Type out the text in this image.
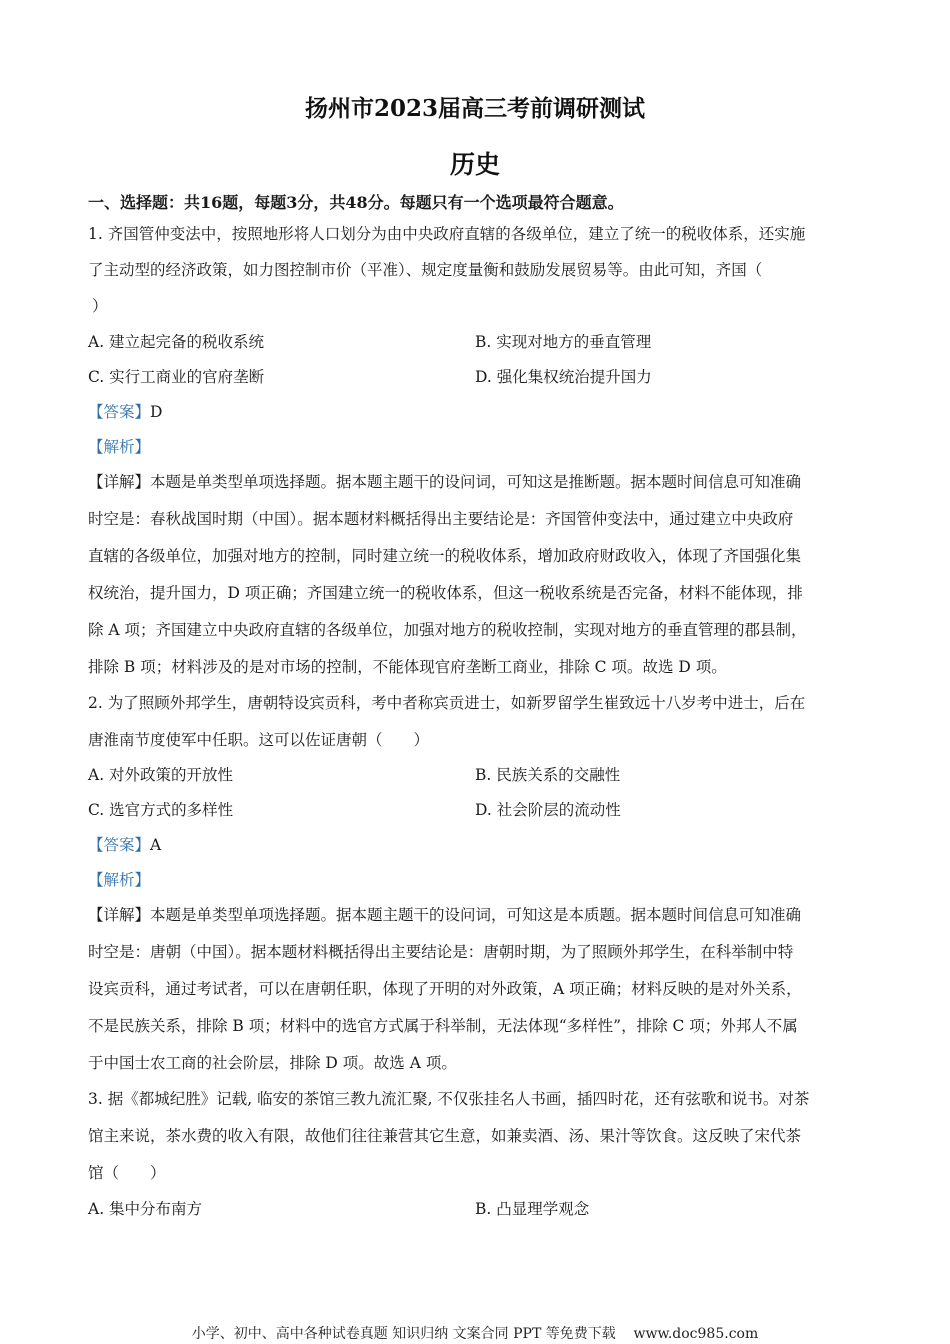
扬州市2023届高三考前调研测试
历史
一、选择题：共16题，每题3分，共48分。每题只有一个选项最符合题意。
1. 齐国管仲变法中，按照地形将人口划分为由中央政府直辖的各级单位，建立了统一的税收体系，还实施
了主动型的经济政策，如力图控制市价（平准）、规定度量衡和鼓励发展贸易等。由此可知，齐国（
）
A. 建立起完备的税收系统	B. 实现对地方的垂直管理
C. 实行工商业的官府垄断	D. 强化集权统治提升国力
【答案】D
【解析】
【详解】本题是单类型单项选择题。据本题主题干的设问词，可知这是推断题。据本题时间信息可知准确
时空是：春秋战国时期（中国）。据本题材料概括得出主要结论是：齐国管仲变法中，通过建立中央政府
直辖的各级单位，加强对地方的控制，同时建立统一的税收体系，增加政府财政收入，体现了齐国强化集
权统治，提升国力，D 项正确；齐国建立统一的税收体系，但这一税收系统是否完备，材料不能体现，排
除 A 项；齐国建立中央政府直辖的各级单位，加强对地方的税收控制，实现对地方的垂直管理的郡县制，
排除 B 项；材料涉及的是对市场的控制，不能体现官府垄断工商业，排除 C 项。故选 D 项。
2. 为了照顾外邦学生，唐朝特设宾贡科，考中者称宾贡进士，如新罗留学生崔致远十八岁考中进士，后在
唐淮南节度使军中任职。这可以佐证唐朝（　　）
A. 对外政策的开放性	B. 民族关系的交融性
C. 选官方式的多样性	D. 社会阶层的流动性
【答案】A
【解析】
【详解】本题是单类型单项选择题。据本题主题干的设问词，可知这是本质题。据本题时间信息可知准确
时空是：唐朝（中国）。据本题材料概括得出主要结论是：唐朝时期，为了照顾外邦学生，在科举制中特
设宾贡科，通过考试者，可以在唐朝任职，体现了开明的对外政策，A 项正确；材料反映的是对外关系，
不是民族关系，排除 B 项；材料中的选官方式属于科举制，无法体现“多样性”，排除 C 项；外邦人不属
于中国士农工商的社会阶层，排除 D 项。故选 A 项。
3. 据《都城纪胜》记载, 临安的茶馆三教九流汇聚, 不仅张挂名人书画，插四时花，还有弦歌和说书。对茶
馆主来说，茶水费的收入有限，故他们往往兼营其它生意，如兼卖酒、汤、果汁等饮食。这反映了宋代茶
馆（　　）
A. 集中分布南方	B. 凸显理学观念
小学、初中、高中各种试卷真题 知识归纳 文案合同 PPT 等免费下载 www.doc985.com
